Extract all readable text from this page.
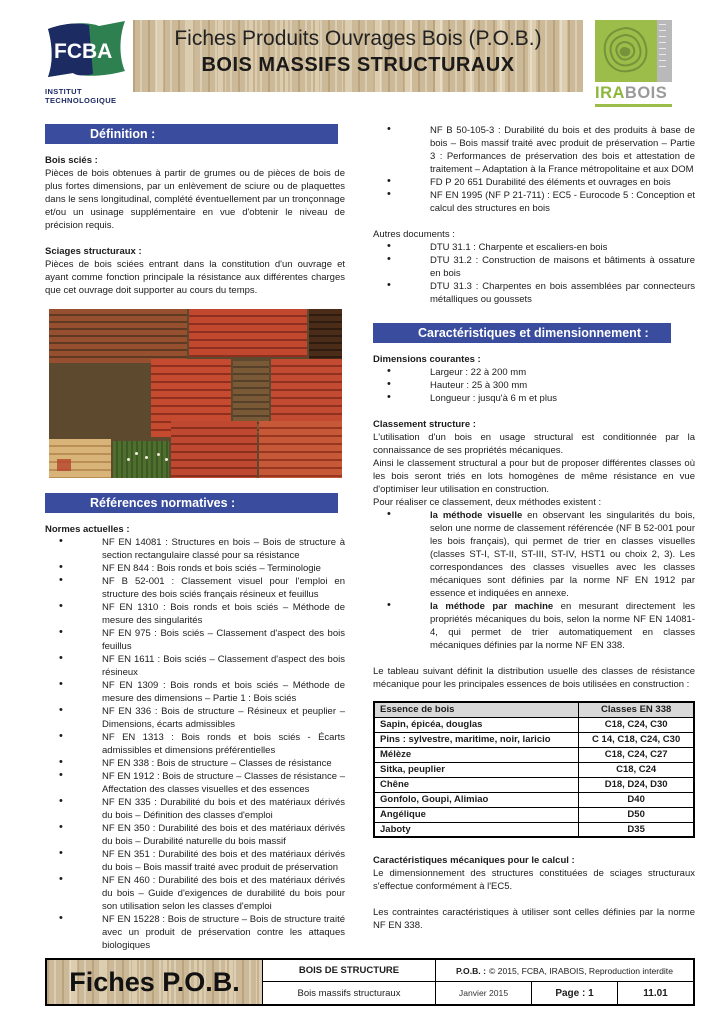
FCBA
INSTITUT
TECHNOLOGIQUE
Fiches Produits Ouvrages Bois (P.O.B.)
BOIS MASSIFS STRUCTURAUX
IRABOIS
Définition :

Bois sciés :

Pièces de bois obtenues à partir de grumes ou de pièces de bois de plus fortes dimensions, par un enlèvement de sciure ou de plaquettes dans le sens longitudinal, complété éventuellement par un tronçonnage et/ou un usinage supplémentaire en vue d'obtenir le niveau de précision requis.

Sciages structuraux :

Pièces de bois sciées entrant dans la constitution d'un ouvrage et ayant comme fonction principale la résistance aux différentes charges que cet ouvrage doit supporter au cours du temps.

Références normatives :

Normes actuelles :

• NF EN 14081 : Structures en bois – Bois de structure à section rectangulaire classé pour sa résistance
• NF EN 844 : Bois ronds et bois sciés – Terminologie
• NF B 52-001 : Classement visuel pour l'emploi en structure des bois sciés français résineux et feuillus
• NF EN 1310 : Bois ronds et bois sciés – Méthode de mesure des singularités
• NF EN 975 : Bois sciés – Classement d'aspect des bois feuillus
• NF EN 1611 : Bois sciés – Classement d'aspect des bois résineux
• NF EN 1309 : Bois ronds et bois sciés – Méthode de mesure des dimensions – Partie 1 : Bois sciés
• NF EN 336 : Bois de structure – Résineux et peuplier – Dimensions, écarts admissibles
• NF EN 1313 : Bois ronds et bois sciés - Écarts admissibles et dimensions préférentielles
• NF EN 338 : Bois de structure – Classes de résistance
• NF EN 1912 : Bois de structure – Classes de résistance – Affectation des classes visuelles et des essences
• NF EN 335 : Durabilité du bois et des matériaux dérivés du bois – Définition des classes d'emploi
• NF EN 350 : Durabilité des bois et des matériaux dérivés du bois – Durabilité naturelle du bois massif
• NF EN 351 : Durabilité des bois et des matériaux dérivés du bois – Bois massif traité avec produit de préservation
• NF EN 460 : Durabilité des bois et des matériaux dérivés du bois – Guide d'exigences de durabilité du bois pour son utilisation selon les classes d'emploi
• NF EN 15228 : Bois de structure – Bois de structure traité avec un produit de préservation contre les attaques biologiques
• NF B 50-105-3 : Durabilité du bois et des produits à base de bois – Bois massif traité avec produit de préservation – Partie 3 : Performances de préservation des bois et attestation de traitement – Adaptation à la France métropolitaine et aux DOM
• FD P 20 651 Durabilité des éléments et ouvrages en bois
• NF EN 1995 (NF P 21-711) : EC5 - Eurocode 5 : Conception et calcul des structures en bois

Autres documents :

• DTU 31.1 : Charpente et escaliers-en bois
• DTU 31.2 : Construction de maisons et bâtiments à ossature en bois
• DTU 31.3 : Charpentes en bois assemblées par connecteurs métalliques ou goussets
Caractéristiques et dimensionnement :

Dimensions courantes :

• Largeur : 22 à 200 mm
• Hauteur : 25 à 300 mm
• Longueur : jusqu'à 6 m et plus

Classement structure :

L'utilisation d'un bois en usage structural est conditionnée par la connaissance de ses propriétés mécaniques.

Ainsi le classement structural a pour but de proposer différentes classes où les bois seront triés en lots homogènes de même résistance en vue d'optimiser leur utilisation en construction.

Pour réaliser ce classement, deux méthodes existent :

• la méthode visuelle en observant les singularités du bois, selon une norme de classement référencée (NF B 52-001 pour les bois français), qui permet de trier en classes visuelles (classes ST-I, ST-II, ST-III, ST-IV, HST1 ou choix 2, 3). Les correspondances des classes visuelles avec les classes mécaniques sont définies par la norme NF EN 1912 par essence et indiquées en annexe.
• la méthode par machine en mesurant directement les propriétés mécaniques du bois, selon la norme NF EN 14081-4, qui permet de trier automatiquement en classes mécaniques définies par la norme NF EN 338.

Le tableau suivant définit la distribution usuelle des classes de résistance mécanique pour les principales essences de bois utilisées en construction :

Essence de bois	Classes EN 338
Sapin, épicéa, douglas	C18, C24, C30
Pins : sylvestre, maritime, noir, laricio	C 14, C18, C24, C30
Mélèze	C18, C24, C27
Sitka, peuplier	C18, C24
Chêne	D18, D24, D30
Gonfolo, Goupi, Alimiao	D40
Angélique	D50
Jaboty	D35

Caractéristiques mécaniques pour le calcul :

Le dimensionnement des structures constituées de sciages structuraux s'effectue conformément à l'EC5.

Les contraintes caractéristiques à utiliser sont celles définies par la norme NF EN 338.

Fiches P.O.B.	BOIS DE STRUCTURE	P.O.B. : © 2015, FCBA, IRABOIS, Reproduction interdite
Bois massifs structuraux	Janvier 2015	Page : 1	11.01
